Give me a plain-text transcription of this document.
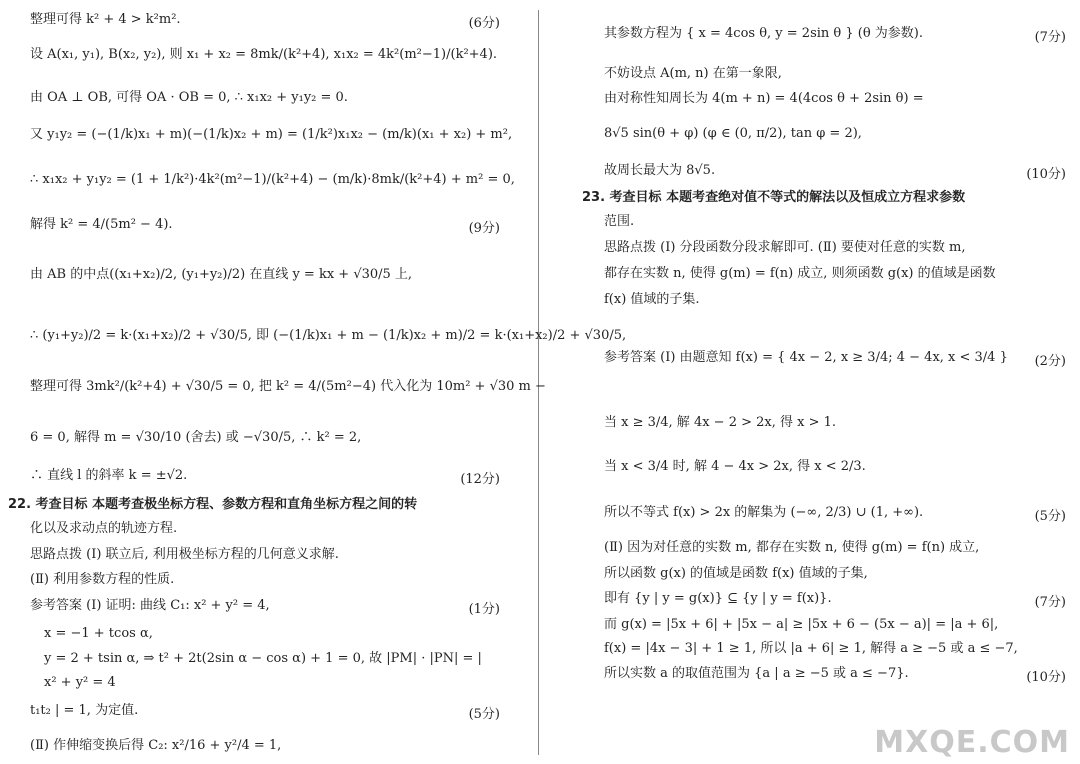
整理可得 k² + 4 > k²m².	(6分)
设 A(x₁, y₁), B(x₂, y₂), 则 x₁ + x₂ = 8mk/(k²+4), x₁x₂ = 4k²(m²−1)/(k²+4).
由 OA ⊥ OB, 可得 OA · OB = 0, ∴ x₁x₂ + y₁y₂ = 0.
又 y₁y₂ = (−(1/k)x₁ + m)(−(1/k)x₂ + m) = (1/k²)x₁x₂ − (m/k)(x₁ + x₂) + m²,
∴ x₁x₂ + y₁y₂ = (1 + 1/k²)·4k²(m²−1)/(k²+4) − (m/k)·8mk/(k²+4) + m² = 0,
解得 k² = 4/(5m² − 4).	(9分)
由 AB 的中点((x₁+x₂)/2, (y₁+y₂)/2) 在直线 y = kx + √30/5 上,
∴ (y₁+y₂)/2 = k·(x₁+x₂)/2 + √30/5, 即 (−(1/k)x₁ + m − (1/k)x₂ + m)/2 = k·(x₁+x₂)/2 + √30/5,
整理可得 3mk²/(k²+4) + √30/5 = 0, 把 k² = 4/(5m²−4) 代入化为 10m² + √30 m −
6 = 0, 解得 m = √30/10 (舍去) 或 −√30/5, ∴ k² = 2,
∴ 直线 l 的斜率 k = ±√2.	(12分)
22. 考查目标 本题考查极坐标方程、参数方程和直角坐标方程之间的转
化以及求动点的轨迹方程.
思路点拨 (Ⅰ) 联立后, 利用极坐标方程的几何意义求解.
(Ⅱ) 利用参数方程的性质.
参考答案 (Ⅰ) 证明: 曲线 C₁: x² + y² = 4,	(1分)
x = −1 + tcos α,
y = 2 + tsin α, ⇒ t² + 2t(2sin α − cos α) + 1 = 0, 故 |PM| · |PN| = |
x² + y² = 4
t₁t₂ | = 1, 为定值.	(5分)
(Ⅱ) 作伸缩变换后得 C₂: x²/16 + y²/4 = 1,
其参数方程为 { x = 4cos θ, y = 2sin θ } (θ 为参数).	(7分)
不妨设点 A(m, n) 在第一象限,
由对称性知周长为 4(m + n) = 4(4cos θ + 2sin θ) =
8√5 sin(θ + φ) (φ ∈ (0, π/2), tan φ = 2),
故周长最大为 8√5.	(10分)
23. 考查目标 本题考查绝对值不等式的解法以及恒成立方程求参数
范围.
思路点拨 (Ⅰ) 分段函数分段求解即可. (Ⅱ) 要使对任意的实数 m,
都存在实数 n, 使得 g(m) = f(n) 成立, 则须函数 g(x) 的值域是函数
f(x) 值域的子集.
参考答案 (Ⅰ) 由题意知 f(x) = { 4x − 2, x ≥ 3/4; 4 − 4x, x < 3/4 } (2分)
当 x ≥ 3/4, 解 4x − 2 > 2x, 得 x > 1.
当 x < 3/4 时, 解 4 − 4x > 2x, 得 x < 2/3.
所以不等式 f(x) > 2x 的解集为 (−∞, 2/3) ∪ (1, +∞).	(5分)
(Ⅱ) 因为对任意的实数 m, 都存在实数 n, 使得 g(m) = f(n) 成立,
所以函数 g(x) 的值域是函数 f(x) 值域的子集,
即有 {y | y = g(x)} ⊆ {y | y = f(x)}.	(7分)
而 g(x) = |5x + 6| + |5x − a| ≥ |5x + 6 − (5x − a)| = |a + 6|,
f(x) = |4x − 3| + 1 ≥ 1, 所以 |a + 6| ≥ 1, 解得 a ≥ −5 或 a ≤ −7,
所以实数 a 的取值范围为 {a | a ≥ −5 或 a ≤ −7}.	(10分)
MXQE.COM
